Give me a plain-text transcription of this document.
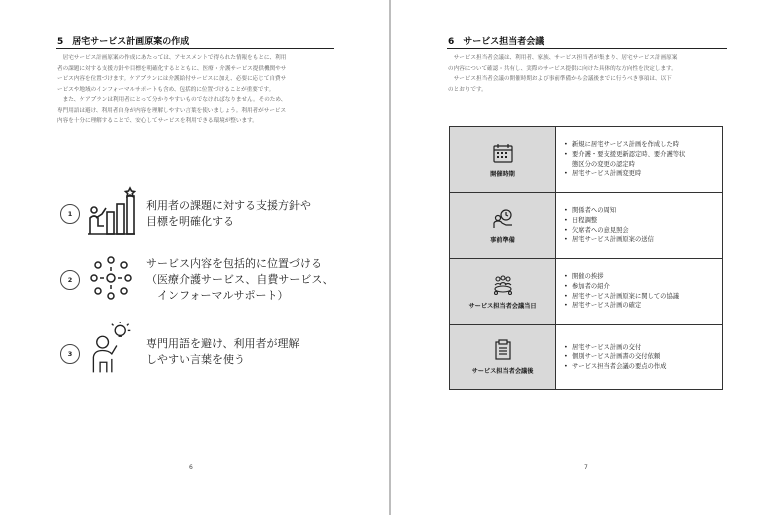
5　居宅サービス計画原案の作成
　居宅サービス計画原案の作成にあたっては、アセスメントで得られた情報をもとに、利用
者の課題に対する支援方針や目標を明確化するとともに、医療・介護サービス提供機関やサ
ービス内容を位置づけます。ケアプランには介護給付サービスに加え、必要に応じて自費サ
ービスや地域のインフォーマルサポートも含め、包括的に位置づけることが重要です。
　また、ケアプランは利用者にとって分かりやすいものでなければなりません。そのため、
専門用語は避け、利用者自身が内容を理解しやすい言葉を使いましょう。利用者がサービス
内容を十分に理解することで、安心してサービスを利用できる環境が整います。
1
利用者の課題に対する支援方針や
目標を明確化する
2
サービス内容を包括的に位置づける
（医療介護サービス、自費サービス、
　インフォーマルサポート）
3
専門用語を避け、利用者が理解
しやすい言葉を使う
6
6　サービス担当者会議
　サービス担当者会議は、利用者、家族、サービス担当者が集まり、居宅サービス計画原案
の内容について確認・共有し、実際のサービス提供に向けた具体的な方向性を決定します。
　サービス担当者会議の開催時期および事前準備から会議後までに行うべき事項は、以下
のとおりです。
開催時期
• 新規に居宅サービス計画を作成した時
• 要介護・要支援更新認定時、要介護等状
態区分の変更の認定時
• 居宅サービス計画変更時
事前準備
• 関係者への周知
• 日程調整
• 欠席者への意見照会
• 居宅サービス計画原案の送信
サービス担当者会議当日
• 開催の挨拶
• 参加者の紹介
• 居宅サービス計画原案に関しての協議
• 居宅サービス計画の確定
サービス担当者会議後
• 居宅サービス計画の交付
• 個別サービス計画書の交付依頼
• サービス担当者会議の要点の作成
7
